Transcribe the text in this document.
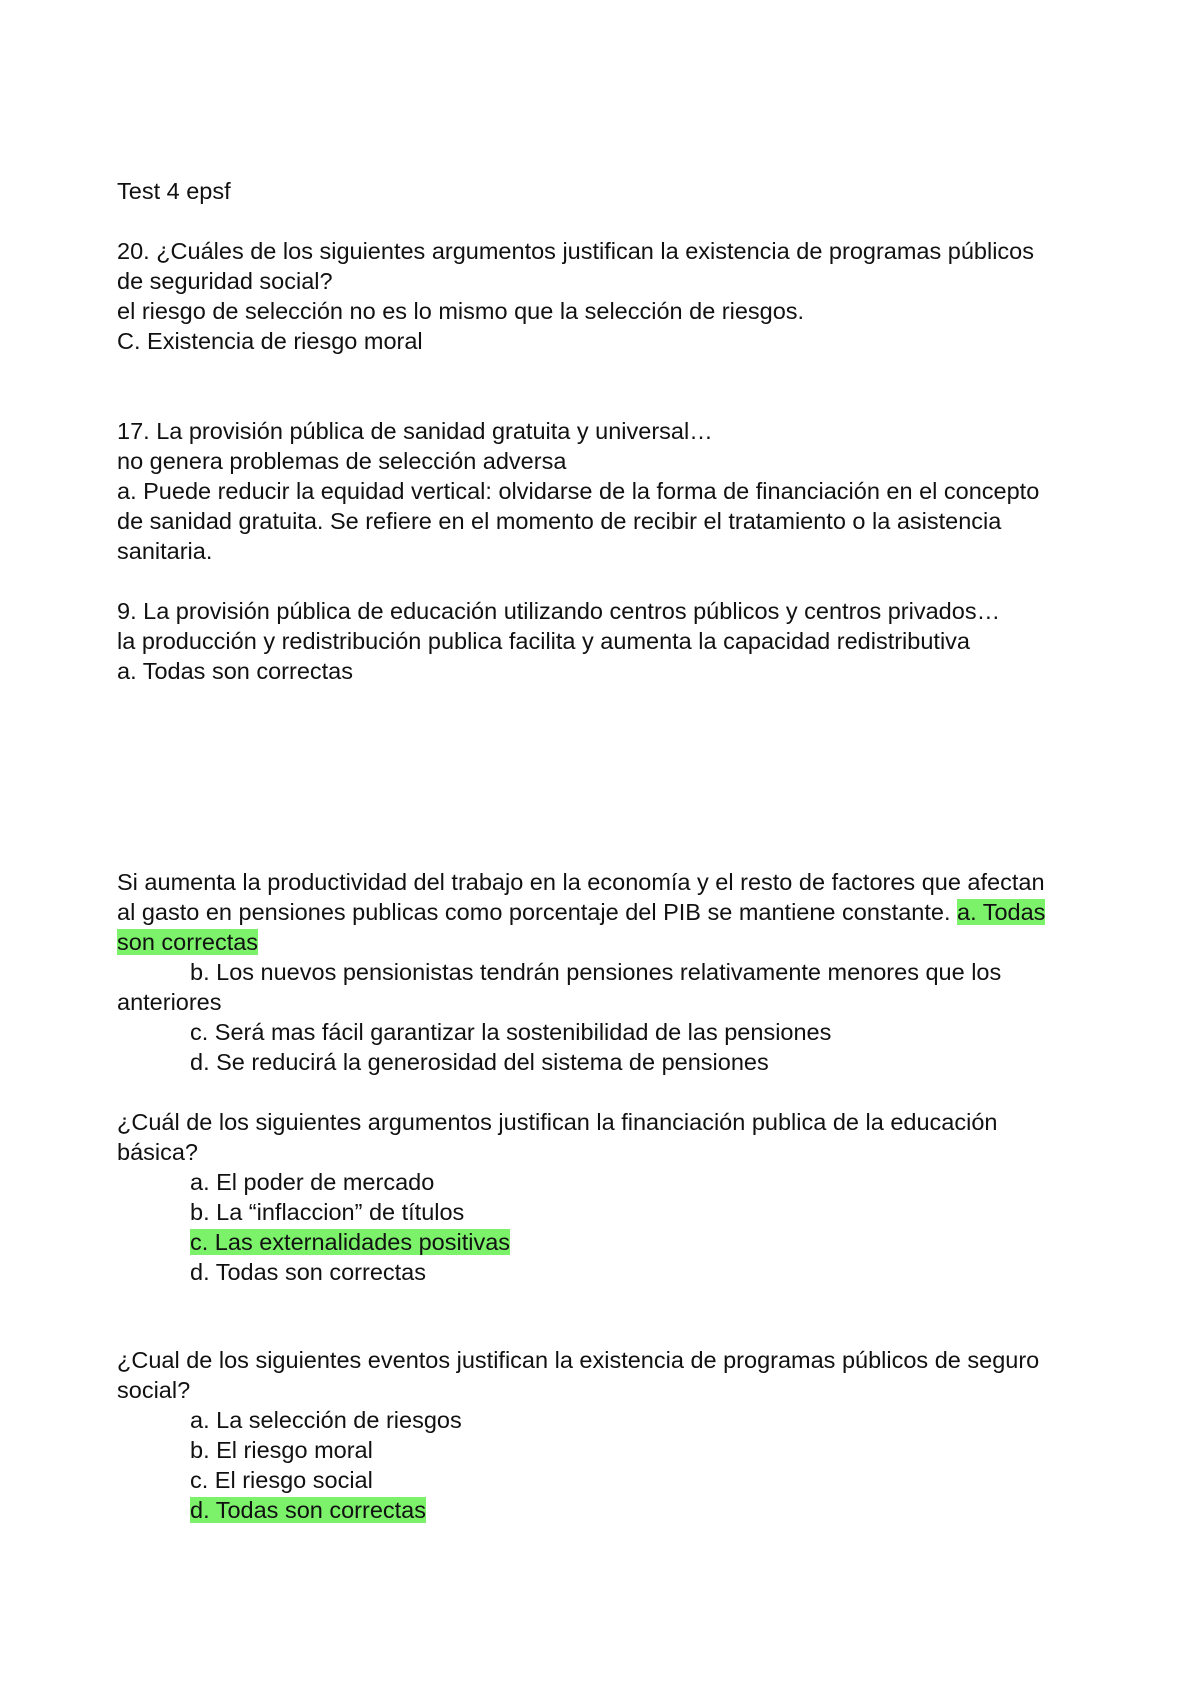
Test 4 epsf
20. ¿Cuáles de los siguientes argumentos justifican la existencia de programas públicos
de seguridad social?
el riesgo de selección no es lo mismo que la selección de riesgos.
C. Existencia de riesgo moral
17. La provisión pública de sanidad gratuita y universal…
no genera problemas de selección adversa
a. Puede reducir la equidad vertical: olvidarse de la forma de financiación en el concepto
de sanidad gratuita. Se refiere en el momento de recibir el tratamiento o la asistencia
sanitaria.
9. La provisión pública de educación utilizando centros públicos y centros privados…
la producción y redistribución publica facilita y aumenta la capacidad redistributiva
a. Todas son correctas
Si aumenta la productividad del trabajo en la economía y el resto de factores que afectan
al gasto en pensiones publicas como porcentaje del PIB se mantiene constante. a. Todas
son correctas
b. Los nuevos pensionistas tendrán pensiones relativamente menores que los
anteriores
c. Será mas fácil garantizar la sostenibilidad de las pensiones
d. Se reducirá la generosidad del sistema de pensiones
¿Cuál de los siguientes argumentos justifican la financiación publica de la educación
básica?
a. El poder de mercado
b. La “inflaccion” de títulos
c. Las externalidades positivas
d. Todas son correctas
¿Cual de los siguientes eventos justifican la existencia de programas públicos de seguro
social?
a. La selección de riesgos
b. El riesgo moral
c. El riesgo social
d. Todas son correctas
